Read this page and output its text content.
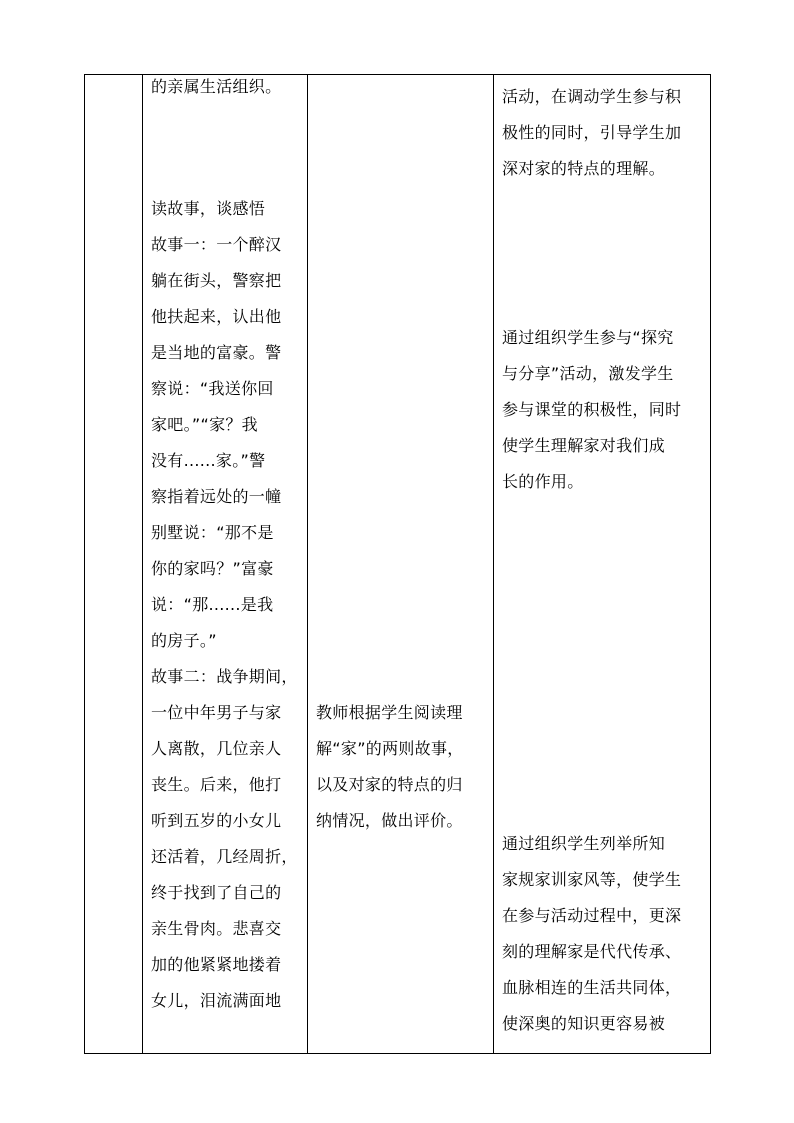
的亲属生活组织。
读故事，谈感悟
故事一：一个醉汉
躺在街头，警察把
他扶起来，认出他
是当地的富豪。警
察说：“我送你回
家吧。”“家？我
没有......家。”警
察指着远处的一幢
别墅说：“那不是
你的家吗？”富豪
说：“那......是我
的房子。”
故事二：战争期间，
一位中年男子与家
人离散，几位亲人
丧生。后来，他打
听到五岁的小女儿
还活着，几经周折，
终于找到了自己的
亲生骨肉。悲喜交
加的他紧紧地搂着
女儿，泪流满面地

教师根据学生阅读理
解“家”的两则故事，
以及对家的特点的归
纳情况，做出评价。

活动，在调动学生参与积
极性的同时，引导学生加
深对家的特点的理解。
通过组织学生参与“探究
与分享”活动，激发学生
参与课堂的积极性，同时
使学生理解家对我们成
长的作用。
通过组织学生列举所知
家规家训家风等，使学生
在参与活动过程中，更深
刻的理解家是代代传承、
血脉相连的生活共同体，
使深奥的知识更容易被
